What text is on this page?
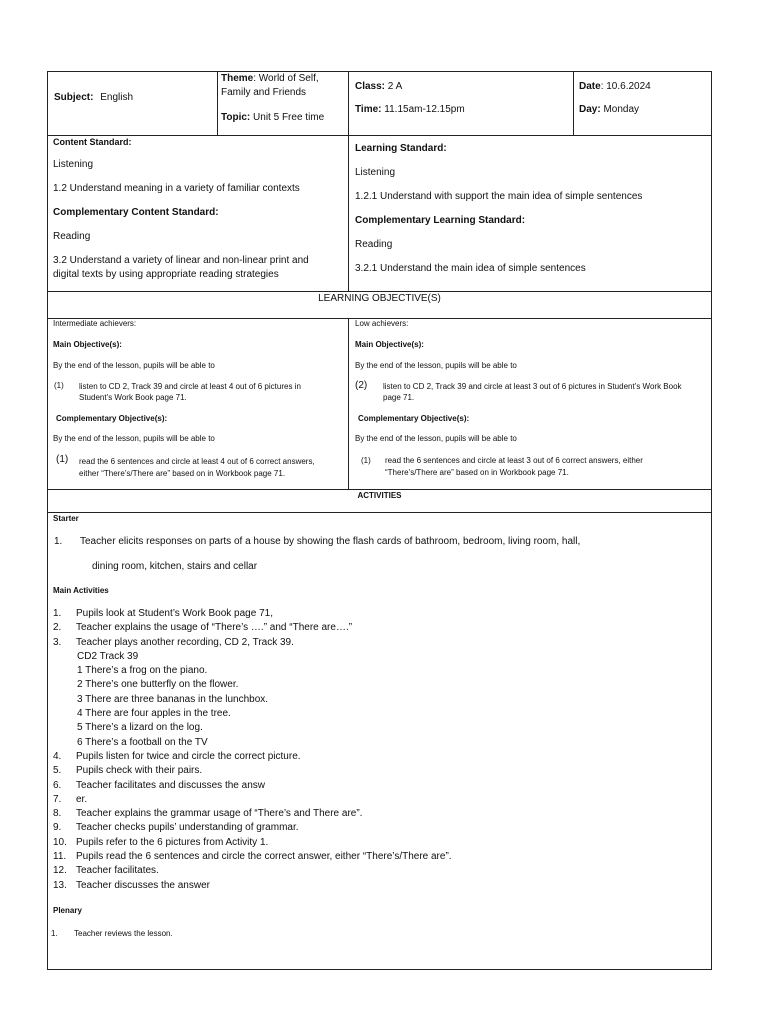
Subject: English
Theme: World of Self,
Family and Friends
Topic: Unit 5 Free time
Class: 2 A
Time: 11.15am-12.15pm
Date: 10.6.2024
Day: Monday
Content Standard:
Listening
1.2 Understand meaning in a variety of familiar contexts
Complementary Content Standard:
Reading
3.2 Understand a variety of linear and non-linear print and
digital texts by using appropriate reading strategies
Learning Standard:
Listening
1.2.1 Understand with support the main idea of simple sentences
Complementary Learning Standard:
Reading
3.2.1 Understand the main idea of simple sentences
LEARNING OBJECTIVE(S)
Intermediate achievers:
Main Objective(s):
By the end of the lesson, pupils will be able to
(1) listen to CD 2, Track 39 and circle at least 4 out of 6 pictures in
Student’s Work Book page 71.
Complementary Objective(s):
By the end of the lesson, pupils will be able to
(1) read the 6 sentences and circle at least 4 out of 6 correct answers,
either “There’s/There are” based on in Workbook page 71.
Low achievers:
Main Objective(s):
By the end of the lesson, pupils will be able to
(2) listen to CD 2, Track 39 and circle at least 3 out of 6 pictures in Student’s Work Book
page 71.
Complementary Objective(s):
By the end of the lesson, pupils will be able to
(1) read the 6 sentences and circle at least 3 out of 6 correct answers, either
“There’s/There are” based on in Workbook page 71.
ACTIVITIES
Starter
1. Teacher elicits responses on parts of a house by showing the flash cards of bathroom, bedroom, living room, hall,
dining room, kitchen, stairs and cellar
Main Activities
1. Pupils look at Student’s Work Book page 71,
2. Teacher explains the usage of “There’s ….” and “There are….”
3. Teacher plays another recording, CD 2, Track 39.
CD2 Track 39
1 There’s a frog on the piano.
2 There’s one butterfly on the flower.
3 There are three bananas in the lunchbox.
4 There are four apples in the tree.
5 There’s a lizard on the log.
6 There’s a football on the TV
4. Pupils listen for twice and circle the correct picture.
5. Pupils check with their pairs.
6. Teacher facilitates and discusses the answ
7. er.
8. Teacher explains the grammar usage of “There’s and There are”.
9. Teacher checks pupils’ understanding of grammar.
10. Pupils refer to the 6 pictures from Activity 1.
11. Pupils read the 6 sentences and circle the correct answer, either “There’s/There are”.
12. Teacher facilitates.
13. Teacher discusses the answer
Plenary
1. Teacher reviews the lesson.
